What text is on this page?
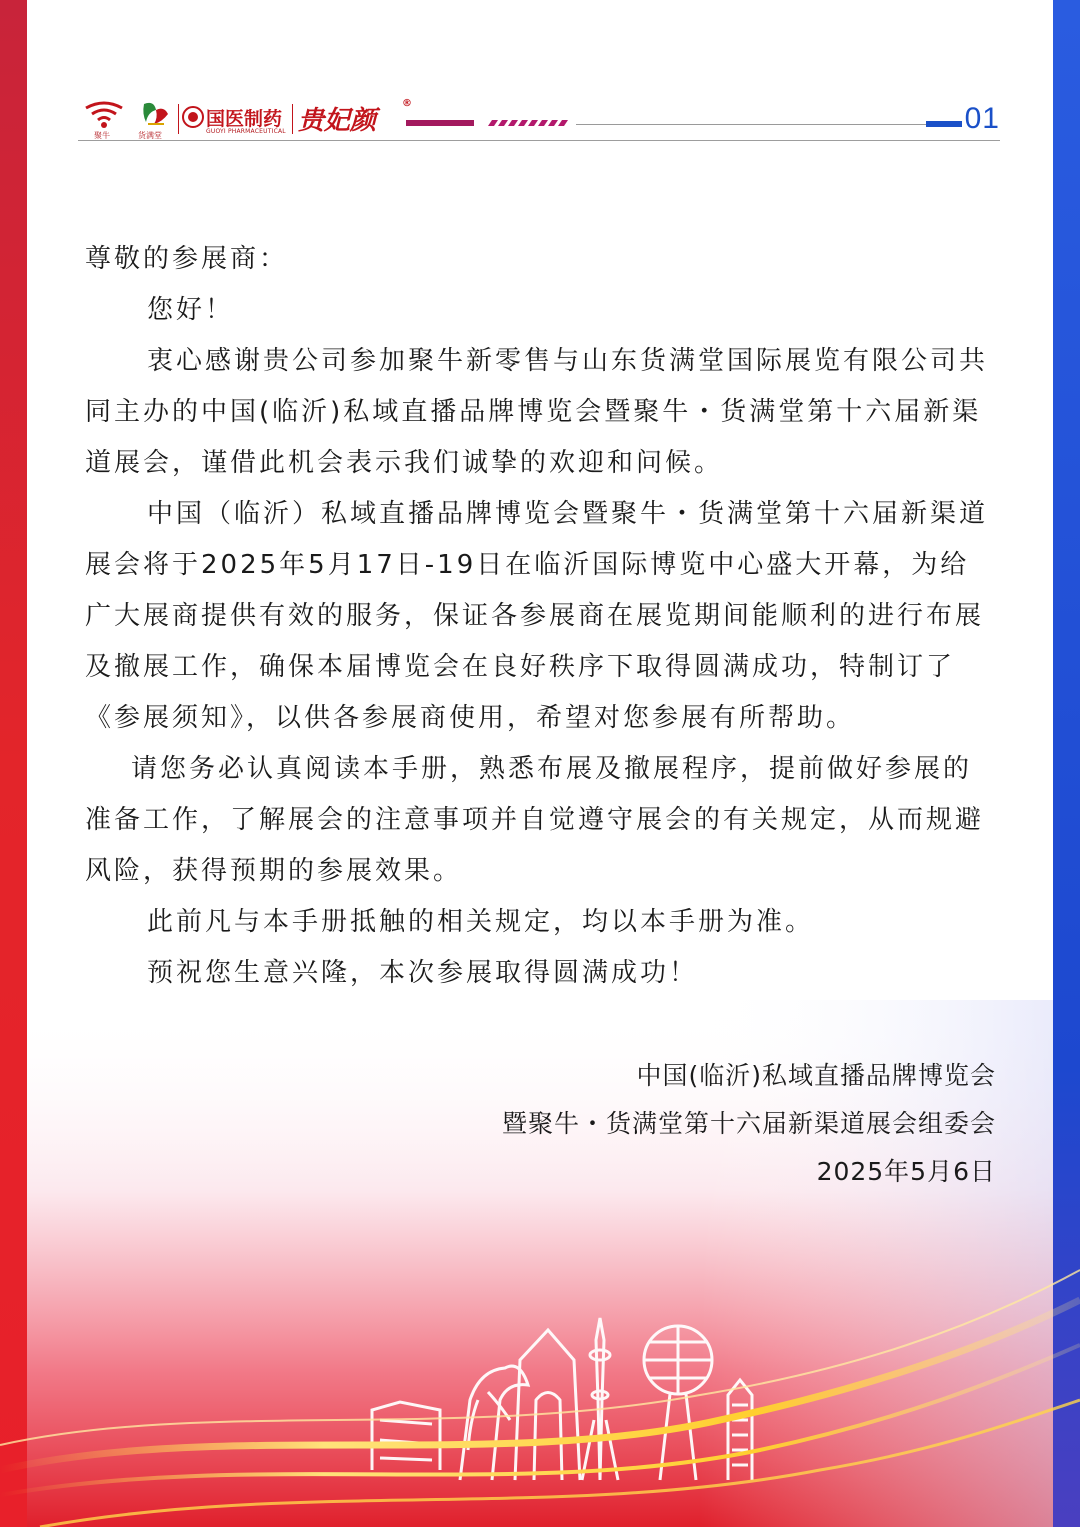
聚牛	货满堂
国医制药
GUOYI PHARMACEUTICAL 贵妃颜
®	01

尊敬的参展商：

您好！

衷心感谢贵公司参加聚牛新零售与山东货满堂国际展览有限公司共同主办的中国(临沂)私域直播品牌博览会暨聚牛・货满堂第十六届新渠道展会，谨借此机会表示我们诚挚的欢迎和问候。

中国（临沂）私域直播品牌博览会暨聚牛・货满堂第十六届新渠道展会将于2025年5月17日-19日在临沂国际博览中心盛大开幕，为给广大展商提供有效的服务，保证各参展商在展览期间能顺利的进行布展及撤展工作，确保本届博览会在良好秩序下取得圆满成功，特制订了《参展须知》，以供各参展商使用，希望对您参展有所帮助。

请您务必认真阅读本手册，熟悉布展及撤展程序，提前做好参展的准备工作，了解展会的注意事项并自觉遵守展会的有关规定，从而规避风险，获得预期的参展效果。

此前凡与本手册抵触的相关规定，均以本手册为准。

预祝您生意兴隆，本次参展取得圆满成功！

中国(临沂)私域直播品牌博览会
暨聚牛・货满堂第十六届新渠道展会组委会
2025年5月6日
